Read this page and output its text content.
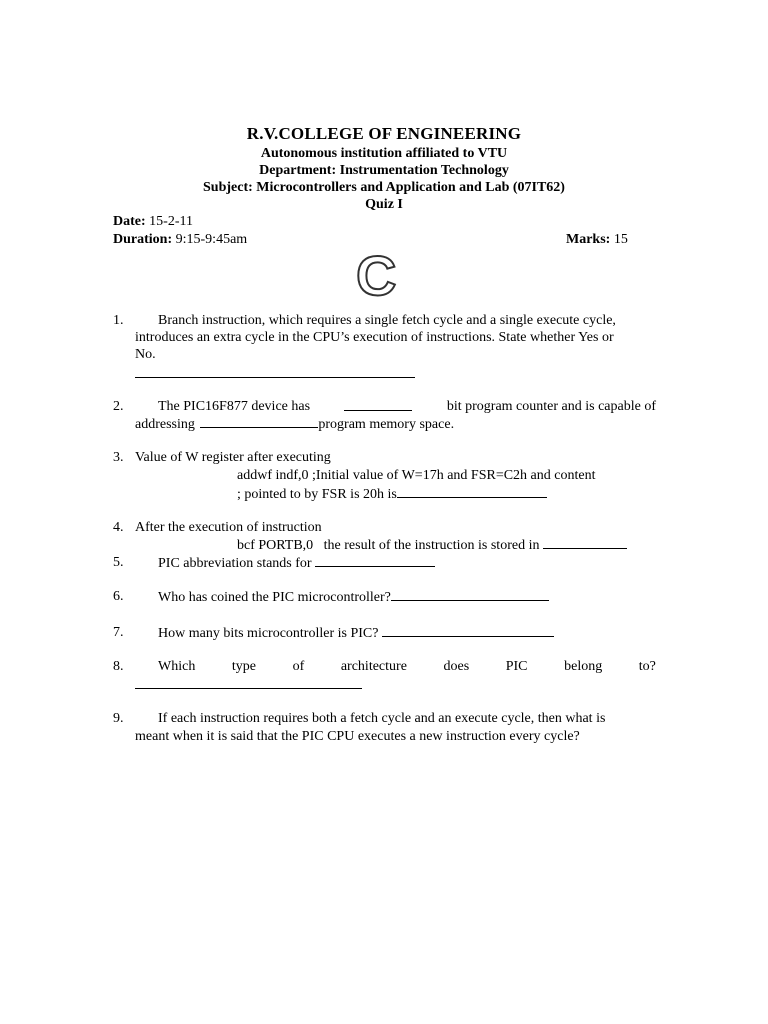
R.V.COLLEGE OF ENGINEERING
Autonomous institution affiliated to VTU
Department: Instrumentation Technology
Subject: Microcontrollers and Application and Lab (07IT62)
Quiz I
Date: 15-2-11
Duration: 9:15-9:45am	Marks: 15
C
1. Branch instruction, which requires a single fetch cycle and a single execute cycle,
introduces an extra cycle in the CPU’s execution of instructions. State whether Yes or
No.
2. The PIC16F877 device has	bit program counter and is capable of
addressing	program memory space.
3. Value of W register after executing
addwf indf,0 ;Initial value of W=17h and FSR=C2h and content
; pointed to by FSR is 20h is
4. After the execution of instruction
bcf PORTB,0   the result of the instruction is stored in
5. PIC abbreviation stands for
6. Who has coined the PIC microcontroller?
7. How many bits microcontroller is PIC?
8. Which	type	of	architecture	does	PIC	belong	to?
9. If each instruction requires both a fetch cycle and an execute cycle, then what is
meant when it is said that the PIC CPU executes a new instruction every cycle?
